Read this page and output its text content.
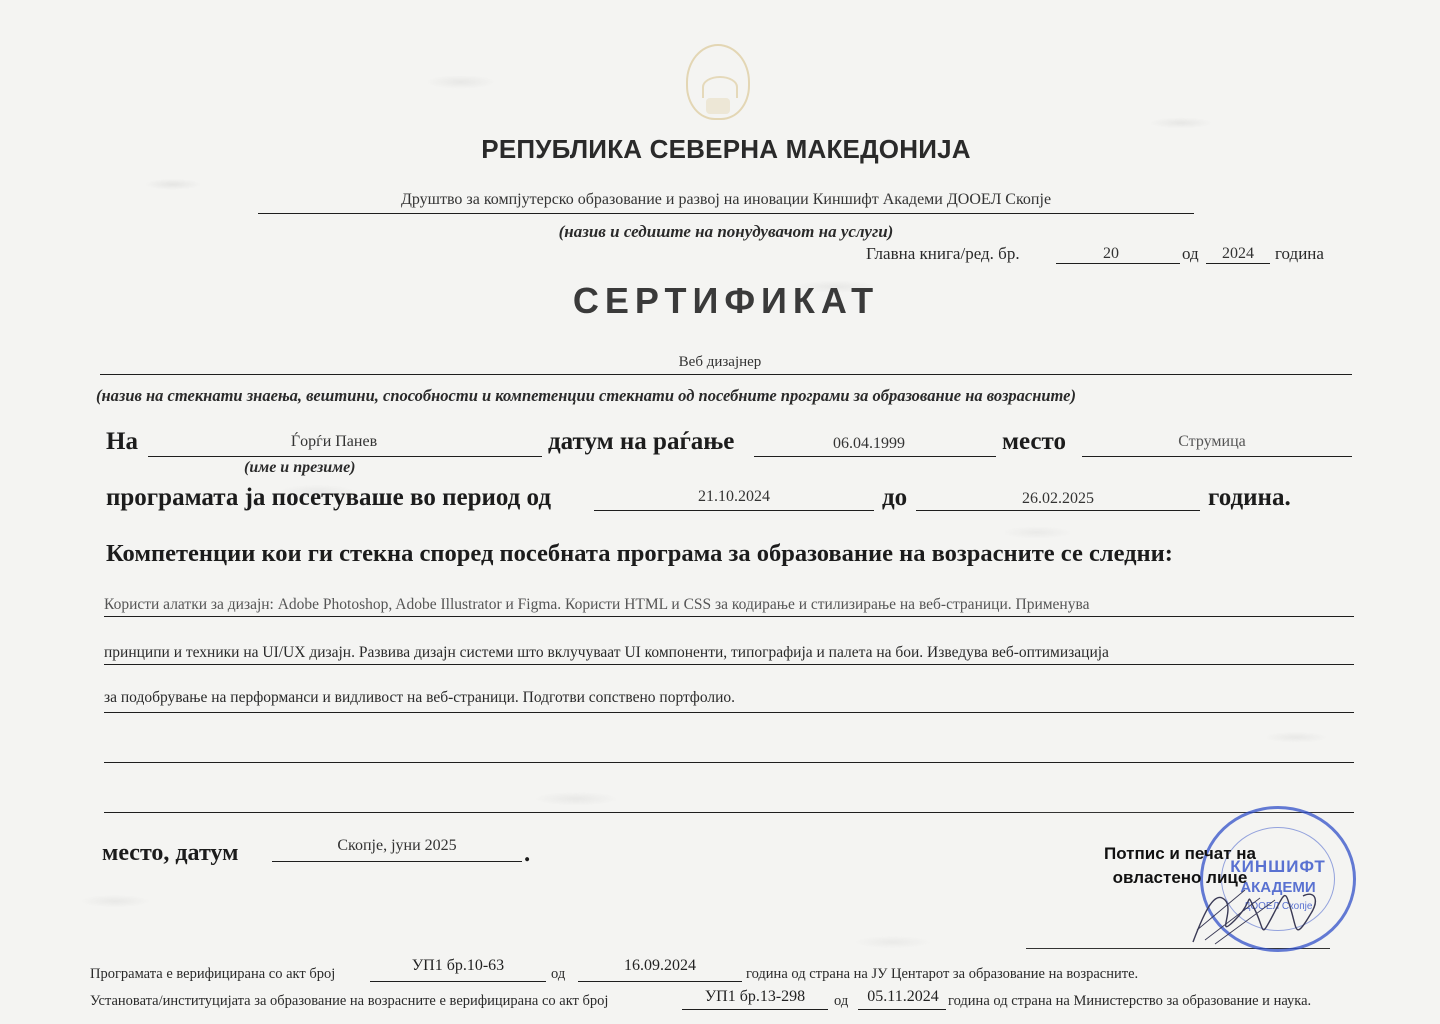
РЕПУБЛИКА СЕВЕРНА МАКЕДОНИЈА
Друштво за компјутерско образование и развој на иновации Киншифт Академи ДООЕЛ Скопје
(назив и седиште на понудувачот на услуги)
Главна книга/ред. бр.	20	од	2024	година
СЕРТИФИКАТ
Веб дизајнер
(назив на стекнати знаења, вештини, способности и компетенции стекнати од посебните програми за образование на возрасните)
На	Ѓорѓи Панев
(име и презиме)
датум на раѓање	06.04.1999	место	Струмица
програмата ја посетуваше во период од	21.10.2024	до	26.02.2025	година.
Компетенции кои ги стекна според посебната програма за образование на возрасните се следни:
Користи алатки за дизајн: Adobe Photoshop, Adobe Illustrator и Figma. Користи HTML и CSS за кодирање и стилизирање на веб-страници. Применува
принципи и техники на UI/UX дизајн. Развива дизајн системи што вклучуваат UI компоненти, типографија и палета на бои. Изведува веб-оптимизација
за подобрување на перформанси и видливост на веб-страници. Подготви сопствено портфолио.
место, датум	Скопје, јуни 2025	.	Потпис и печат на
овластено лице
КИНШИФТ
АКАДЕМИ
ДООЕЛ Скопје
Програмата е верифицирана со акт број	УП1 бр.10-63	од	16.09.2024	година од страна на ЈУ Центарот за образование на возрасните.
Установата/институцијата за образование на возрасните е верифицирана со акт број	УП1 бр.13-298	од	05.11.2024 година од страна на Министерство за образование и наука.
